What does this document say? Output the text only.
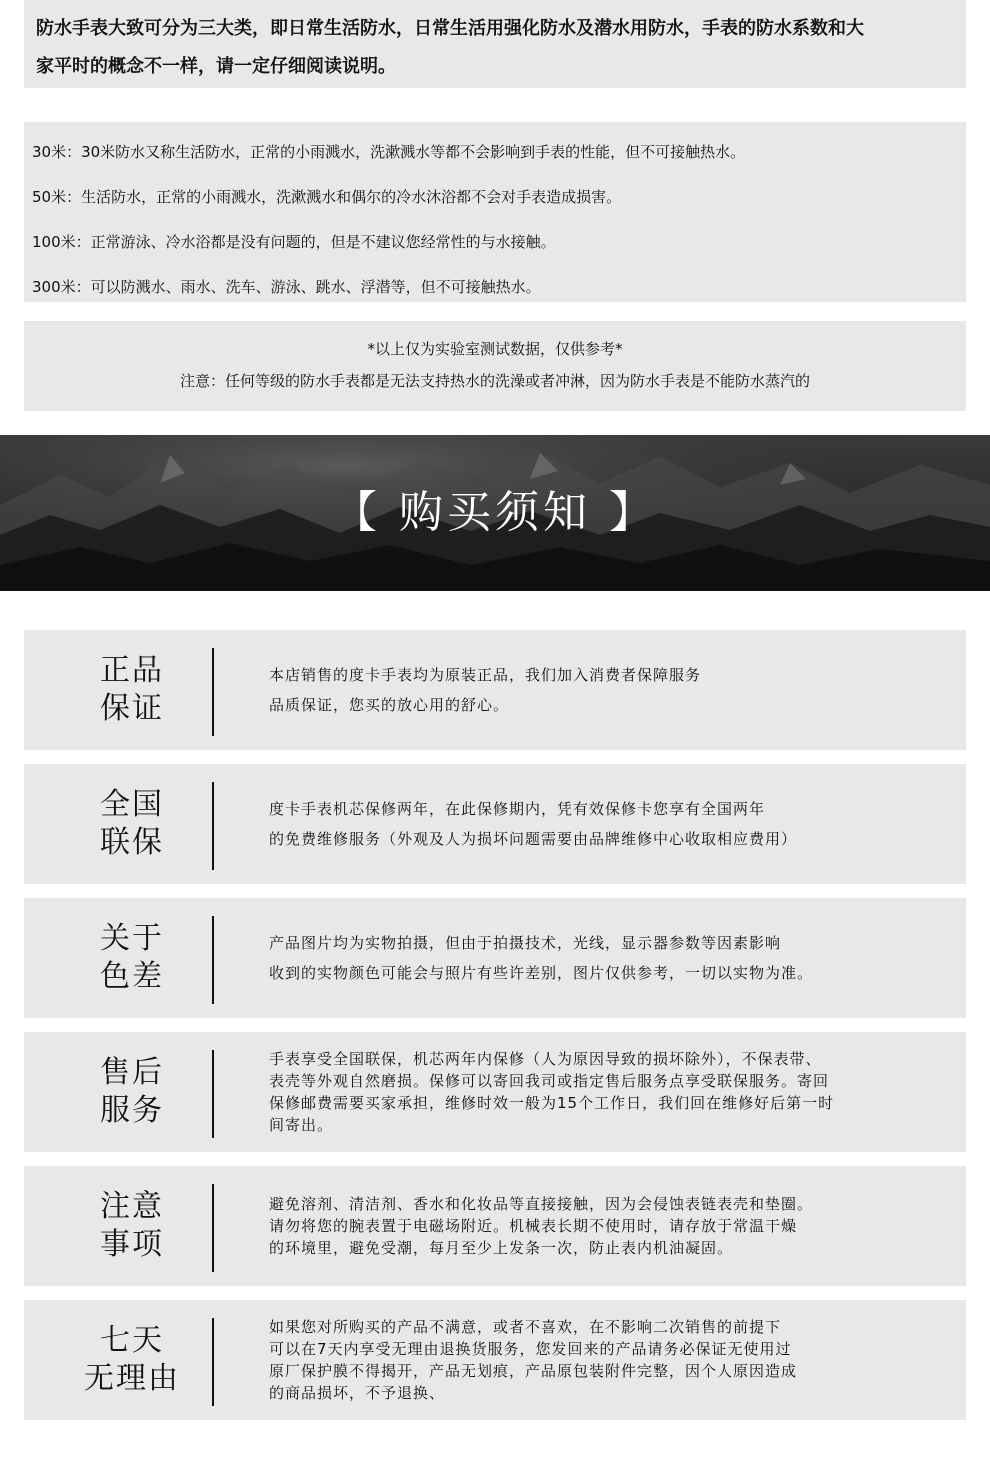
防水手表大致可分为三大类，即日常生活防水，日常生活用强化防水及潜水用防水，手表的防水系数和大
家平时的概念不一样，请一定仔细阅读说明。
30米：30米防水又称生活防水，正常的小雨溅水，洗漱溅水等都不会影响到手表的性能，但不可接触热水。
50米：生活防水，正常的小雨溅水，洗漱溅水和偶尔的冷水沐浴都不会对手表造成损害。
100米：正常游泳、冷水浴都是没有问题的，但是不建议您经常性的与水接触。
300米：可以防溅水、雨水、洗车、游泳、跳水、浮潜等，但不可接触热水。
*以上仅为实验室测试数据，仅供参考*
注意：任何等级的防水手表都是无法支持热水的洗澡或者冲淋，因为防水手表是不能防水蒸汽的
【 购买须知 】
正品
保证
本店销售的度卡手表均为原装正品，我们加入消费者保障服务
品质保证，您买的放心用的舒心。
全国
联保
度卡手表机芯保修两年，在此保修期内，凭有效保修卡您享有全国两年
的免费维修服务（外观及人为损坏问题需要由品牌维修中心收取相应费用）
关于
色差
产品图片均为实物拍摄，但由于拍摄技术，光线，显示器参数等因素影响
收到的实物颜色可能会与照片有些许差别，图片仅供参考，一切以实物为准。
售后
服务
手表享受全国联保，机芯两年内保修（人为原因导致的损坏除外），不保表带、
表壳等外观自然磨损。保修可以寄回我司或指定售后服务点享受联保服务。寄回
保修邮费需要买家承担，维修时效一般为15个工作日，我们回在维修好后第一时
间寄出。
注意
事项
避免溶剂、清洁剂、香水和化妆品等直接接触，因为会侵蚀表链表壳和垫圈。
请勿将您的腕表置于电磁场附近。机械表长期不使用时，请存放于常温干燥
的环境里，避免受潮，每月至少上发条一次，防止表内机油凝固。
七天
无理由
如果您对所购买的产品不满意，或者不喜欢，在不影响二次销售的前提下
可以在7天内享受无理由退换货服务，您发回来的产品请务必保证无使用过
原厂保护膜不得揭开，产品无划痕，产品原包装附件完整，因个人原因造成
的商品损坏，不予退换、
